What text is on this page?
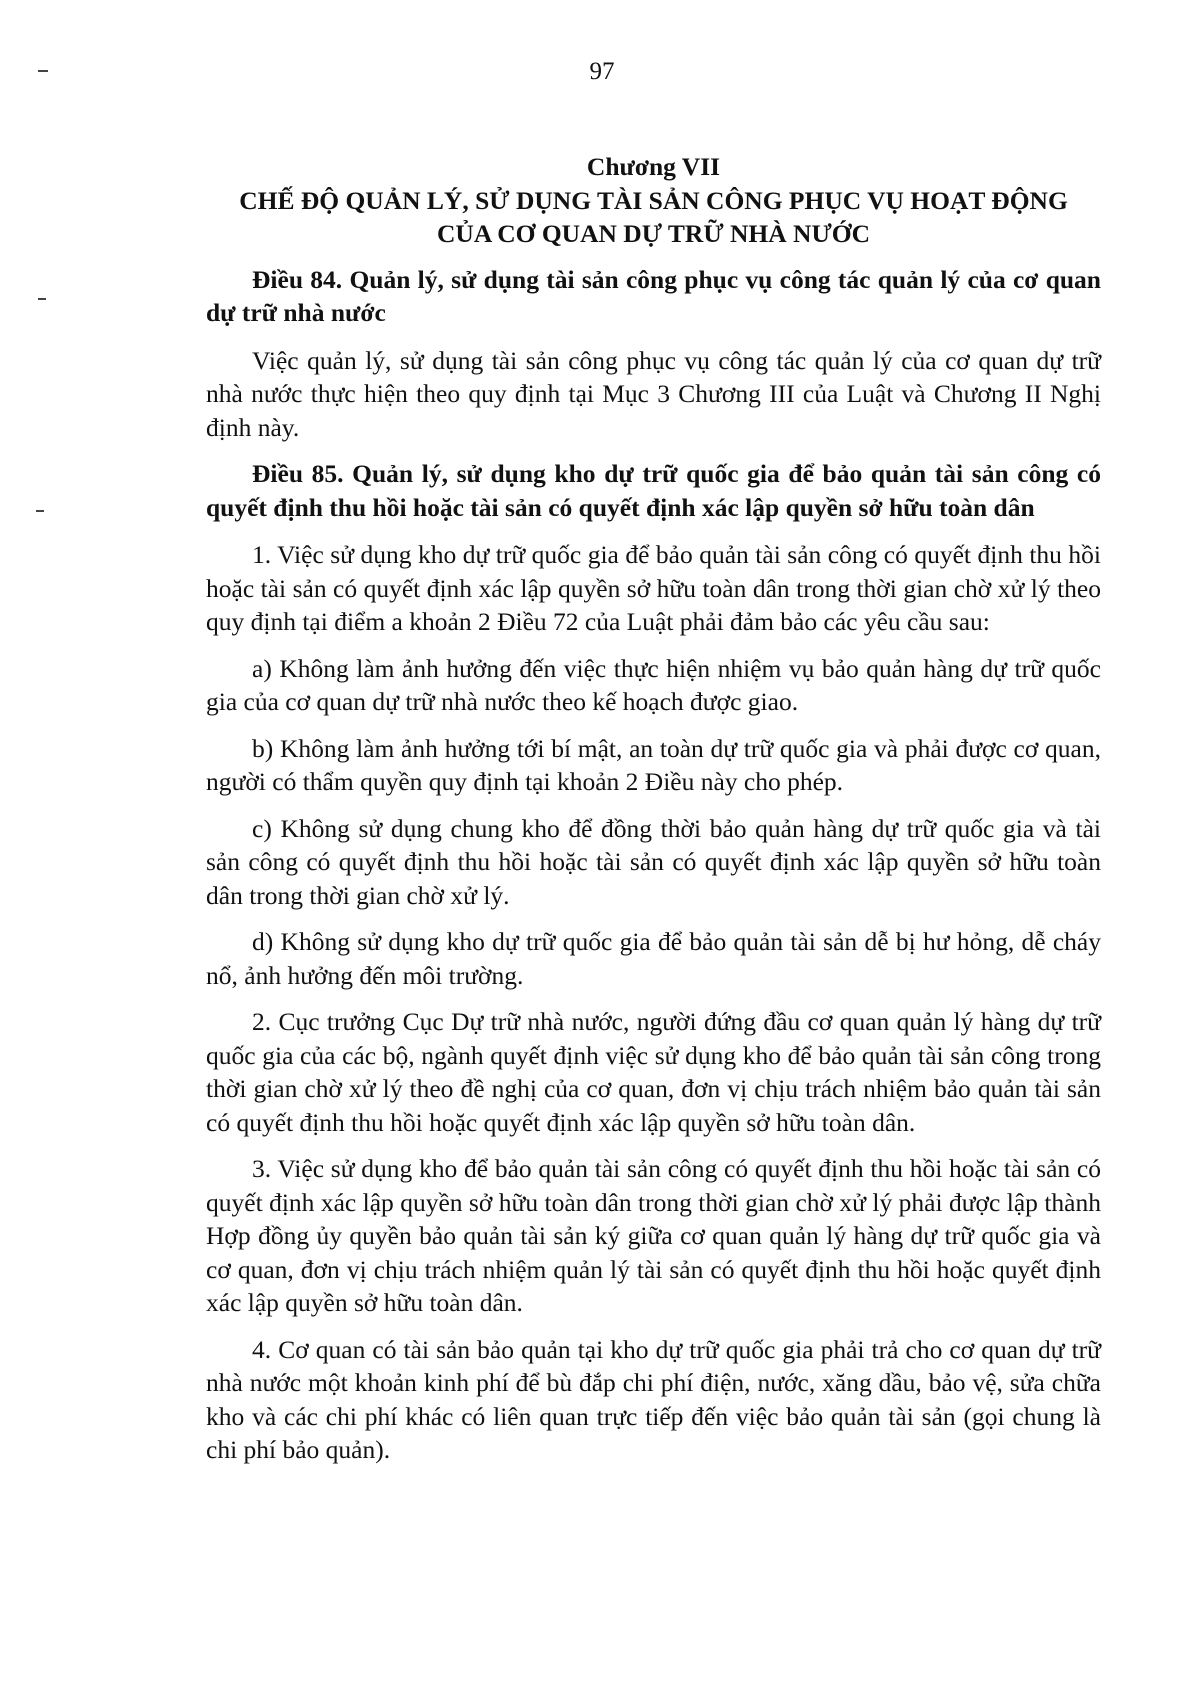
97

Chương VII

CHẾ ĐỘ QUẢN LÝ, SỬ DỤNG TÀI SẢN CÔNG PHỤC VỤ HOẠT ĐỘNG CỦA CƠ QUAN DỰ TRỮ NHÀ NƯỚC

Điều 84. Quản lý, sử dụng tài sản công phục vụ công tác quản lý của cơ quan dự trữ nhà nước

Việc quản lý, sử dụng tài sản công phục vụ công tác quản lý của cơ quan dự trữ nhà nước thực hiện theo quy định tại Mục 3 Chương III của Luật và Chương II Nghị định này.

Điều 85. Quản lý, sử dụng kho dự trữ quốc gia để bảo quản tài sản công có quyết định thu hồi hoặc tài sản có quyết định xác lập quyền sở hữu toàn dân

1. Việc sử dụng kho dự trữ quốc gia để bảo quản tài sản công có quyết định thu hồi hoặc tài sản có quyết định xác lập quyền sở hữu toàn dân trong thời gian chờ xử lý theo quy định tại điểm a khoản 2 Điều 72 của Luật phải đảm bảo các yêu cầu sau:

a) Không làm ảnh hưởng đến việc thực hiện nhiệm vụ bảo quản hàng dự trữ quốc gia của cơ quan dự trữ nhà nước theo kế hoạch được giao.

b) Không làm ảnh hưởng tới bí mật, an toàn dự trữ quốc gia và phải được cơ quan, người có thẩm quyền quy định tại khoản 2 Điều này cho phép.

c) Không sử dụng chung kho để đồng thời bảo quản hàng dự trữ quốc gia và tài sản công có quyết định thu hồi hoặc tài sản có quyết định xác lập quyền sở hữu toàn dân trong thời gian chờ xử lý.

d) Không sử dụng kho dự trữ quốc gia để bảo quản tài sản dễ bị hư hỏng, dễ cháy nổ, ảnh hưởng đến môi trường.

2. Cục trưởng Cục Dự trữ nhà nước, người đứng đầu cơ quan quản lý hàng dự trữ quốc gia của các bộ, ngành quyết định việc sử dụng kho để bảo quản tài sản công trong thời gian chờ xử lý theo đề nghị của cơ quan, đơn vị chịu trách nhiệm bảo quản tài sản có quyết định thu hồi hoặc quyết định xác lập quyền sở hữu toàn dân.

3. Việc sử dụng kho để bảo quản tài sản công có quyết định thu hồi hoặc tài sản có quyết định xác lập quyền sở hữu toàn dân trong thời gian chờ xử lý phải được lập thành Hợp đồng ủy quyền bảo quản tài sản ký giữa cơ quan quản lý hàng dự trữ quốc gia và cơ quan, đơn vị chịu trách nhiệm quản lý tài sản có quyết định thu hồi hoặc quyết định xác lập quyền sở hữu toàn dân.

4. Cơ quan có tài sản bảo quản tại kho dự trữ quốc gia phải trả cho cơ quan dự trữ nhà nước một khoản kinh phí để bù đắp chi phí điện, nước, xăng dầu, bảo vệ, sửa chữa kho và các chi phí khác có liên quan trực tiếp đến việc bảo quản tài sản (gọi chung là chi phí bảo quản).
